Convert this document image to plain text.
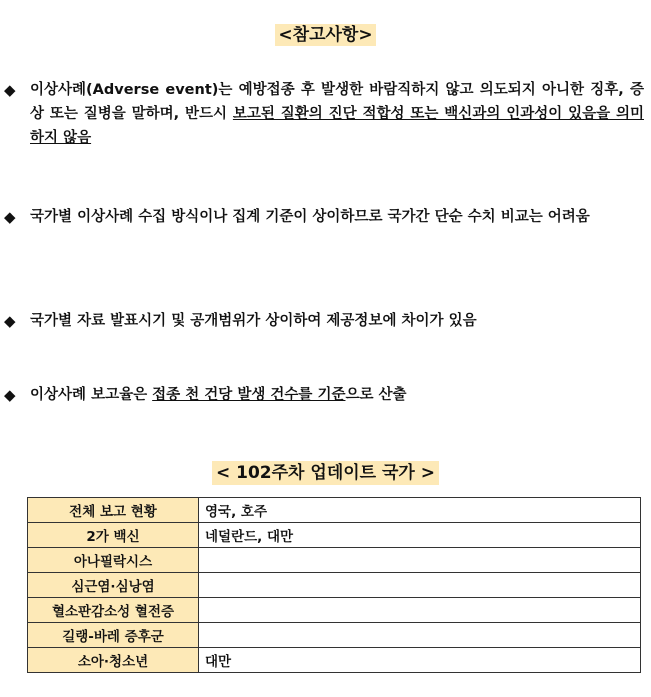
<참고사항>
◆ 이상사례(Adverse event)는 예방접종 후 발생한 바람직하지 않고 의도되지 아니한 징후, 증상 또는 질병을 말하며, 반드시 보고된 질환의 진단 적합성 또는 백신과의 인과성이 있음을 의미하지 않음
◆ 국가별 이상사례 수집 방식이나 집계 기준이 상이하므로 국가간 단순 수치 비교는 어려움
◆ 국가별 자료 발표시기 및 공개범위가 상이하여 제공정보에 차이가 있음
◆ 이상사례 보고율은 접종 천 건당 발생 건수를 기준으로 산출
< 102주차 업데이트 국가 >
전체 보고 현황	영국, 호주
2가 백신	네덜란드, 대만
아나필락시스	
심근염·심낭염	
혈소판감소성 혈전증	
길랭-바레 증후군	
소아·청소년	대만
